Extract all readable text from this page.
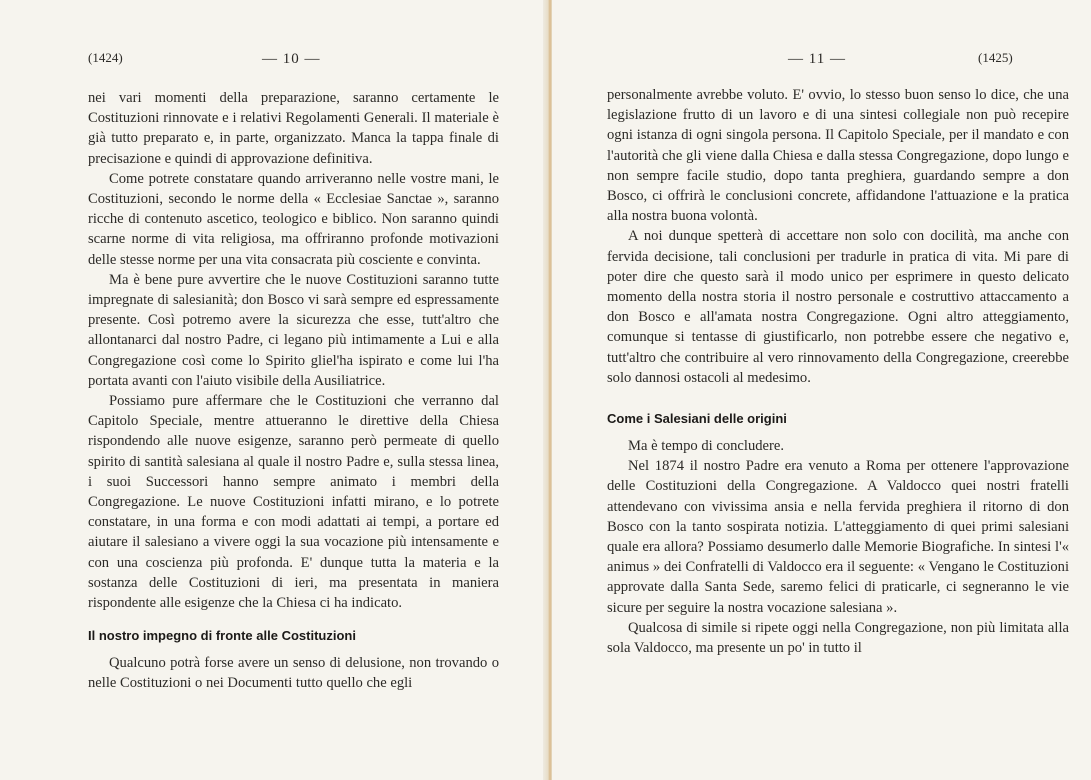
(1424)	— 10 —

nei vari momenti della preparazione, saranno certamente le Costituzioni rinnovate e i relativi Regolamenti Generali. Il materiale è già tutto preparato e, in parte, organizzato. Manca la tappa finale di precisazione e quindi di approvazione definitiva.

Come potrete constatare quando arriveranno nelle vostre mani, le Costituzioni, secondo le norme della « Ecclesiae Sanctae », saranno ricche di contenuto ascetico, teologico e biblico. Non saranno quindi scarne norme di vita religiosa, ma offriranno profonde motivazioni delle stesse norme per una vita consacrata più cosciente e convinta.

Ma è bene pure avvertire che le nuove Costituzioni saranno tutte impregnate di salesianità; don Bosco vi sarà sempre ed espressamente presente. Così potremo avere la sicurezza che esse, tutt'altro che allontanarci dal nostro Padre, ci legano più intimamente a Lui e alla Congregazione così come lo Spirito gliel'ha ispirato e come lui l'ha portata avanti con l'aiuto visibile della Ausiliatrice.

Possiamo pure affermare che le Costituzioni che verranno dal Capitolo Speciale, mentre attueranno le direttive della Chiesa rispondendo alle nuove esigenze, saranno però permeate di quello spirito di santità salesiana al quale il nostro Padre e, sulla stessa linea, i suoi Successori hanno sempre animato i membri della Congregazione. Le nuove Costituzioni infatti mirano, e lo potrete constatare, in una forma e con modi adattati ai tempi, a portare ed aiutare il salesiano a vivere oggi la sua vocazione più intensamente e con una coscienza più profonda. E' dunque tutta la materia e la sostanza delle Costituzioni di ieri, ma presentata in maniera rispondente alle esigenze che la Chiesa ci ha indicato.

Il nostro impegno di fronte alle Costituzioni

Qualcuno potrà forse avere un senso di delusione, non trovando o nelle Costituzioni o nei Documenti tutto quello che egli

— 11 —	(1425)

personalmente avrebbe voluto. E' ovvio, lo stesso buon senso lo dice, che una legislazione frutto di un lavoro e di una sintesi collegiale non può recepire ogni istanza di ogni singola persona. Il Capitolo Speciale, per il mandato e con l'autorità che gli viene dalla Chiesa e dalla stessa Congregazione, dopo lungo e non sempre facile studio, dopo tanta preghiera, guardando sempre a don Bosco, ci offrirà le conclusioni concrete, affidandone l'attuazione e la pratica alla nostra buona volontà.

A noi dunque spetterà di accettare non solo con docilità, ma anche con fervida decisione, tali conclusioni per tradurle in pratica di vita. Mi pare di poter dire che questo sarà il modo unico per esprimere in questo delicato momento della nostra storia il nostro personale e costruttivo attaccamento a don Bosco e all'amata nostra Congregazione. Ogni altro atteggiamento, comunque si tentasse di giustificarlo, non potrebbe essere che negativo e, tutt'altro che contribuire al vero rinnovamento della Congregazione, creerebbe solo dannosi ostacoli al medesimo.

Come i Salesiani delle origini

Ma è tempo di concludere.

Nel 1874 il nostro Padre era venuto a Roma per ottenere l'approvazione delle Costituzioni della Congregazione. A Valdocco quei nostri fratelli attendevano con vivissima ansia e nella fervida preghiera il ritorno di don Bosco con la tanto sospirata notizia. L'atteggiamento di quei primi salesiani quale era allora? Possiamo desumerlo dalle Memorie Biografiche. In sintesi l'« animus » dei Confratelli di Valdocco era il seguente: « Vengano le Costituzioni approvate dalla Santa Sede, saremo felici di praticarle, ci segneranno le vie sicure per seguire la nostra vocazione salesiana ».

Qualcosa di simile si ripete oggi nella Congregazione, non più limitata alla sola Valdocco, ma presente un po' in tutto il
